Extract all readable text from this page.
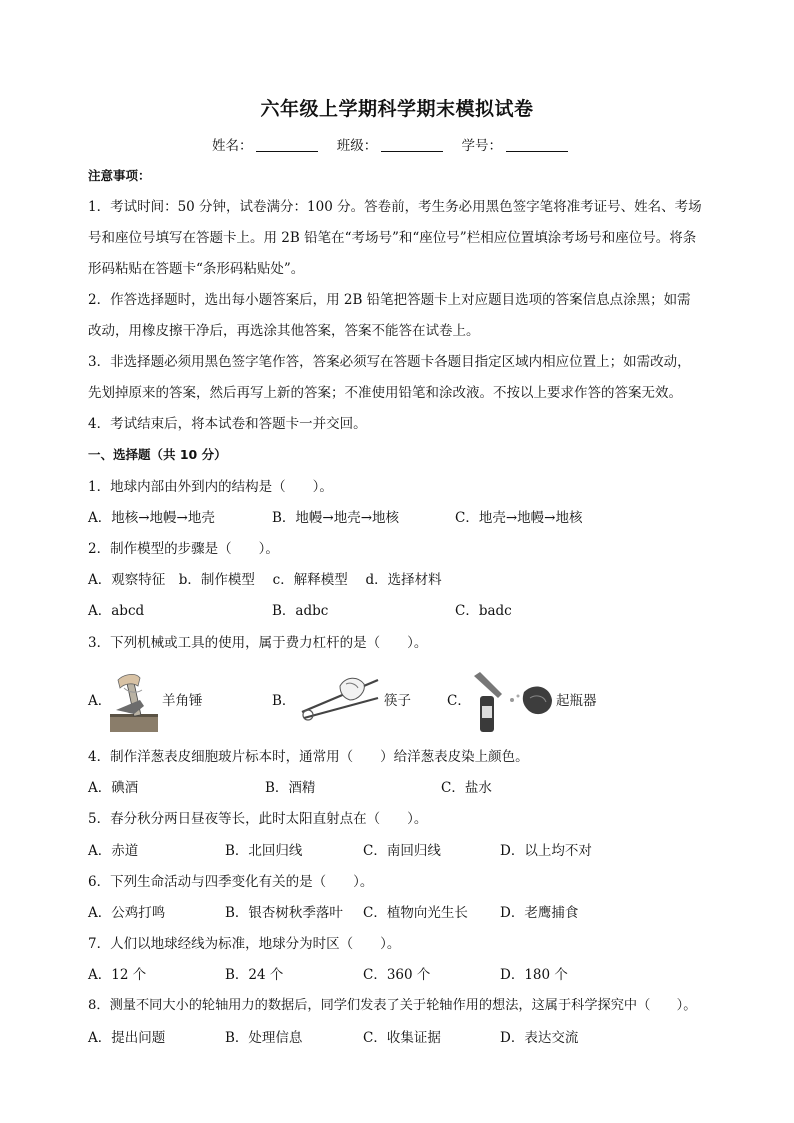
六年级上学期科学期末模拟试卷
姓名：	班级：	学号：
注意事项：
1．考试时间：50 分钟，试卷满分：100 分。答卷前，考生务必用黑色签字笔将准考证号、姓名、考场
号和座位号填写在答题卡上。用 2B 铅笔在“考场号”和“座位号”栏相应位置填涂考场号和座位号。将条
形码粘贴在答题卡“条形码粘贴处”。
2．作答选择题时，选出每小题答案后，用 2B 铅笔把答题卡上对应题目选项的答案信息点涂黑；如需
改动，用橡皮擦干净后，再选涂其他答案，答案不能答在试卷上。
3．非选择题必须用黑色签字笔作答，答案必须写在答题卡各题目指定区域内相应位置上；如需改动，
先划掉原来的答案，然后再写上新的答案；不准使用铅笔和涂改液。不按以上要求作答的答案无效。
4．考试结束后，将本试卷和答题卡一并交回。
一、选择题（共 10 分）
1．地球内部由外到内的结构是（　　）。
A．地核→地幔→地壳	B．地幔→地壳→地核	C．地壳→地幔→地核
2．制作模型的步骤是（　　）。
A．观察特征　b．制作模型　 c．解释模型　 d．选择材料
A．abcd	B．adbc	C．badc
3．下列机械或工具的使用，属于费力杠杆的是（　　）。
A．	羊角锤	B．	筷子	C．	起瓶器
4．制作洋葱表皮细胞玻片标本时，通常用（　　）给洋葱表皮染上颜色。
A．碘酒	B．酒精	C．盐水
5．春分秋分两日昼夜等长，此时太阳直射点在（　　）。
A．赤道	B．北回归线	C．南回归线	D．以上均不对
6．下列生命活动与四季变化有关的是（　　）。
A．公鸡打鸣	B．银杏树秋季落叶 C．植物向光生长 D．老鹰捕食
7．人们以地球经线为标准，地球分为时区（　　）。
A．12 个	B．24 个	C．360 个	D．180 个
8．测量不同大小的轮轴用力的数据后，同学们发表了关于轮轴作用的想法，这属于科学探究中（　　）。
A．提出问题	B．处理信息	C．收集证据	D．表达交流
